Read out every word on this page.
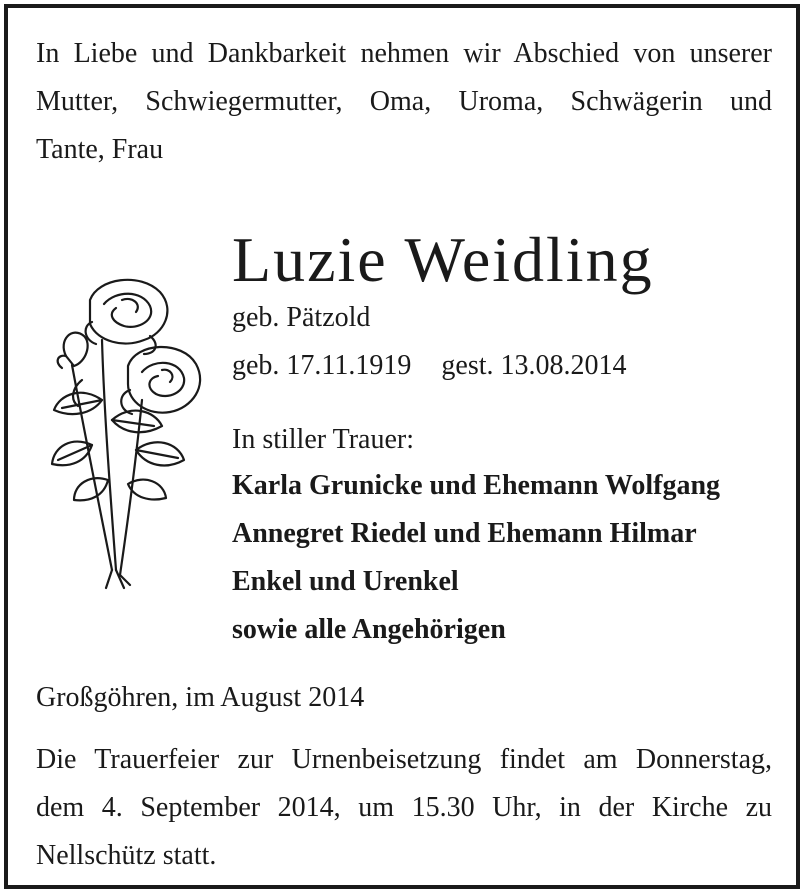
In Liebe und Dankbarkeit nehmen wir Abschied von unserer
Mutter, Schwiegermutter, Oma, Uroma, Schwägerin und
Tante, Frau

Luzie Weidling

geb. Pätzold

geb. 17.11.1919 gest. 13.08.2014

In stiller Trauer:

Karla Grunicke und Ehemann Wolfgang

Annegret Riedel und Ehemann Hilmar

Enkel und Urenkel

sowie alle Angehörigen

Großgöhren, im August 2014

Die Trauerfeier zur Urnenbeisetzung findet am Donnerstag,
dem 4. September 2014, um 15.30 Uhr, in der Kirche zu
Nellschütz statt.
